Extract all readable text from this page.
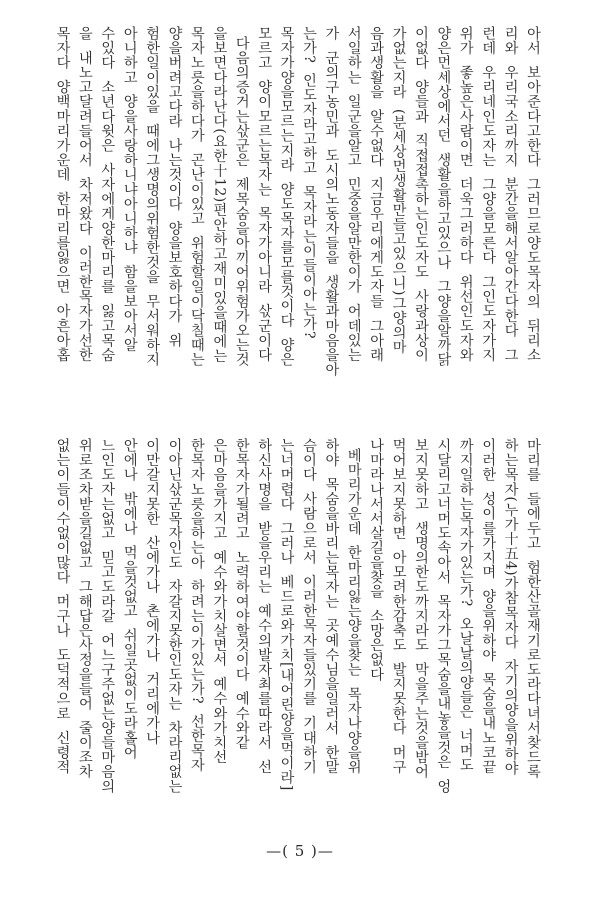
아서  보아준다고한다  그러므로양도목자의  뒤리소
리와  우리국소리까지  분간을해서알아간다한다  그
런데  우리네인도자는  그양을모른다  그인도자가지
위가  좋높은사람이면  더욱그러하다  위선인도자와
양은먼세상에서던  생활을하고있으나  그양을알까닭
이없다  양들과  직접접촉하는인도자도  사랑과상이
가없는지라  (분세상먼생활만들고있으니)그양의마
음과생활을  알수없다  지금우리에게도자들  그아래
서일하는  일군을알고  민중을알만한이가  어데있는
가  군의구농민과  도시의노동자들을  생활과마음을아
는가?  인도자라고하고  목자라는이들이아는가?
목자가양을모르는지라  양도목자를모를것이다  양은
모르고  양이모르는목자는  목자가아니라  삯군이다
다음의증거는삯군은  제목숨을아끼어위험가오는것
을보면다라난다(요한十12)편안하고재미있을때에는
목자노릇을하다가  곤난이있고  위험할일이닥칠때는
양을버려고다라  나는것이다  양을보호하다가  위
험한일이있을  때에그생명의위험한것을  무서워하지
아니하고  양을사랑하니냐아니하냐  함을보아서알
수있다  소년다윗은  사자에게양한마리를  잃고목숨
을  내노고달려들어서  차저왔다  이러한목자가선한
목자다  양백마리가운데  한마리를잃으면  아흔아홉
마리를  들에두고  험한산골재기로도라다녀서찾드록
하는목자(누가十五4)가참목자다  자기의양을위하야
이러한  성이를가지며  양을위하야  목숨을내노코끝
까지일하는목자가있는가?  오날날의양들은  너머도
시달리고너머도속아서  목자가그목숨을내놓을것은  엉
보지못하고  생명의한도까지라도  막을주는것을밤어
먹어보지못하면  아모려한감축도  발지못한다  머구
나마라나서서살길을찾을  소망은없다
베마리가운데  한마리잃는양을찾는  목자나양을위
하야  목숨을바리는목자는  곳예수님을일러서  한말
슴이다  사람으로서  이러한목자들있기를  기대하기
는너머렵다  그러나  베드로와가치[내어린양을먹이라]
하신사명을  받을우리는  예수의발자최를따라서  선
한목자가될려고  노력하여야할것이다  예수와같
은마음을가지고  예수와가치살면서  예수와가치선
한목자노릇을하는아  하려는이가있는가?  선한목자
이아닌삯군목자인도  자갈지못한인도자는  차라리없는
이만갈지못한  산에가나  촌에가나  거리에가나
안에나  밖에나  먹을것없고  쉬일곳없이도라홀어
느인도자는없고  믿고도라갈  어느구주없는양들마음의
위로조차받을길없고  그해답은사정을들어  줄이조차
없는이들이수없이많다  머구나  도덕적으로  신령적
—( 5 )—
